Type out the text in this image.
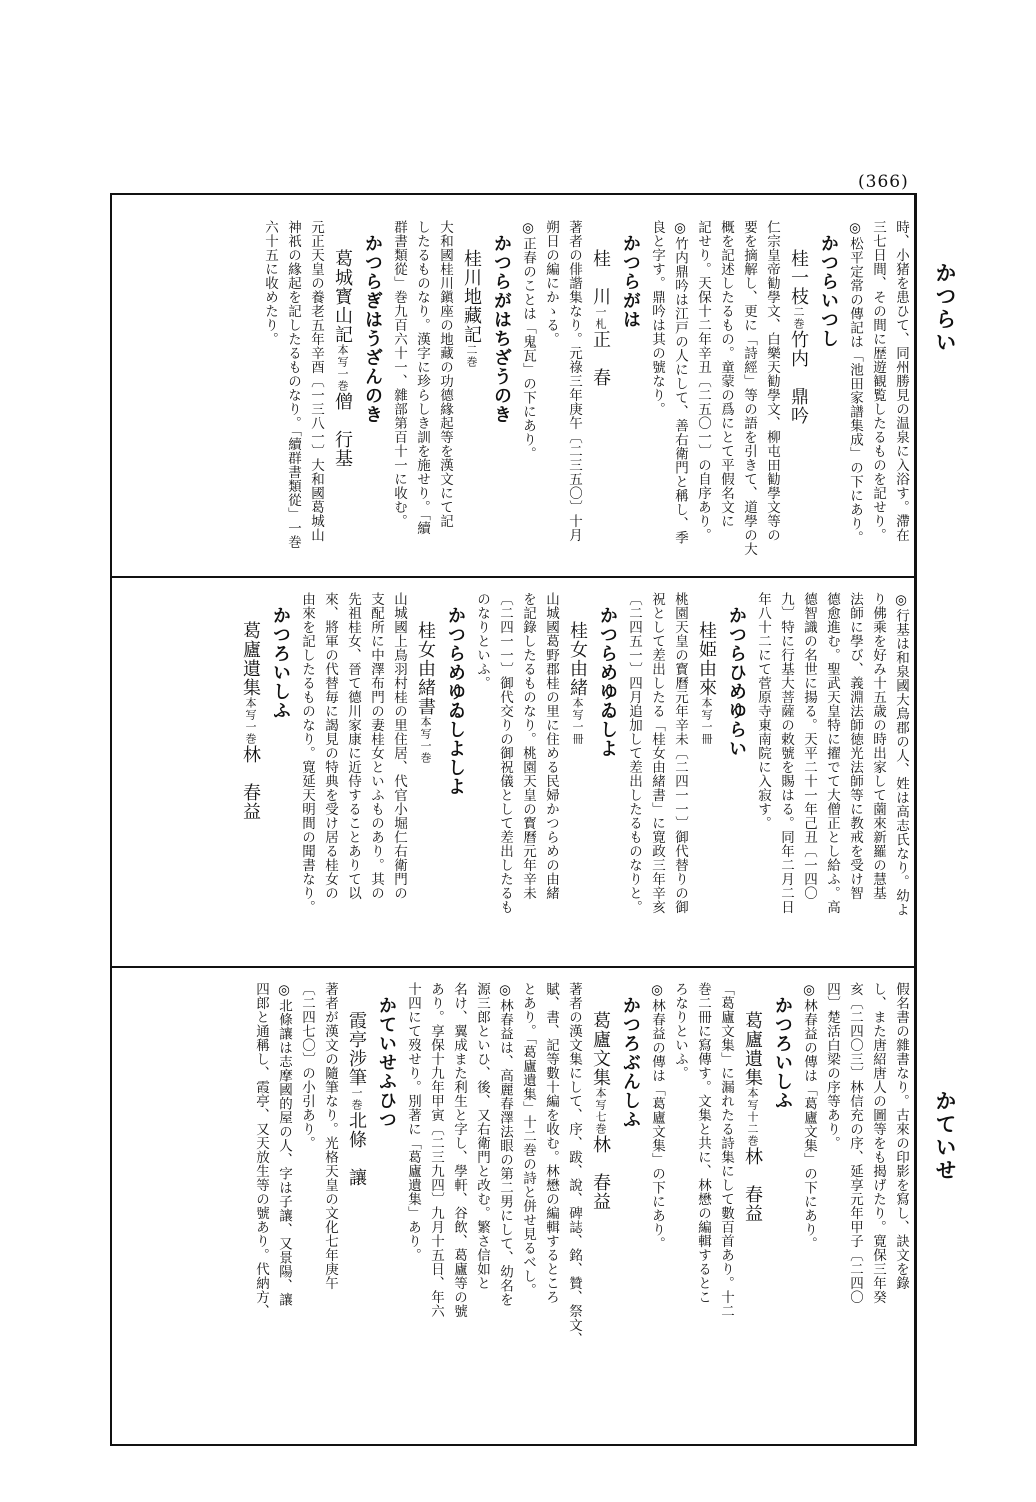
(366)
かつらい
かていせ
時、小猪を患ひて、同州勝見の温泉に入浴す。滯在
三七日間、その間に歴遊観覧したるものを記せり。
◎松平定常の傳記は「池田家譜集成」の下にあり。
かつらいつし
桂一枝二巻竹内　鼎吟
仁宗皇帝勧學文、白樂天勧學文、柳屯田勧學文等の
要を摘解し、更に「詩經」等の語を引きて、道學の大
概を記述したるもの。童蒙の爲にとて平假名文に
記せり。天保十二年辛丑〔二五〇一〕の自序あり。
◎竹内鼎吟は江戸の人にして、善右衛門と稱し、季
良と字す。鼎吟は其の號なり。
かつらがは
桂　川一札正　春
著者の俳諧集なり。元祿三年庚午〔二三五〇〕十月
朔日の編にかゝる。
◎正春のことは「鬼瓦」の下にあり。
かつらがはちざうのき
桂川地藏記二巻
大和國桂川鎭座の地藏の功德緣起等を漢文にて記
したるものなり。漢字に珍らしき訓を施せり。「續
群書類從」巻九百六十一、雜部第百十一に收む。
かつらぎはうざんのき
葛城寳山記本写一巻僧　行基
元正天皇の養老五年辛酉〔一三八一〕大和國葛城山
神祇の緣起を記したるものなり。「續群書類從」一巻
六十五に收めたり。
◎行基は和泉國大鳥郡の人、姓は高志氏なり。幼よ
り佛乘を好み十五歳の時出家して薗來新羅の慧基
法師に學び、義淵法師徳光法師等に教戒を受け智
德愈進む。聖武天皇特に擢でて大僧正とし給ふ。高
德智識の名世に揚る。天平二十一年己丑〔一四〇
九〕特に行基大菩薩の敕號を賜はる。同年二月二日
年八十二にて菅原寺東南院に入寂す。
かつらひめゆらい
桂姫由來本写一冊
桃園天皇の寳曆元年辛未〔二四一一〕御代替りの御
祝として差出したる「桂女由緒書」に寛政三年辛亥
〔二四五一〕四月追加して差出したるものなりと。
かつらめゆゐしよ
桂女由緒本写一冊
山城國葛野郡桂の里に住める民婦かつらめの由緒
を記錄したるものなり。桃園天皇の寳曆元年辛未
〔二四一一〕御代交りの御祝儀として差出したるも
のなりといふ。
かつらめゆゐしよしよ
桂女由緒書本写一巻
山城國上鳥羽村桂の里住居、代官小堀仁右衛門の
支配所に中澤布門の妻桂女といふものあり。其の
先祖桂女、晉て德川家康に近侍することありて以
來、將軍の代替毎に謁見の特典を受け居る桂女の
由來を記したるものなり。寛延天明間の聞書なり。
かつろいしふ
葛廬遺集本写一巻林　春益
假名書の雜書なり。古來の印影を寫し、訣文を錄
し、また唐紹唐人の圖等をも揭げたり。寛保三年癸
亥〔二四〇三〕林信充の序、延享元年甲子〔二四〇
四〕楚活白梁の序等あり。
◎林春益の傳は「葛廬文集」の下にあり。
かつろいしふ
葛廬遺集本写十二巻林　春益
「葛廬文集」に漏れたる詩集にして數百首あり。十二
巻二冊に寫傳す。文集と共に、林懋の編輯するとこ
ろなりといふ。
◎林春益の傳は「葛廬文集」の下にあり。
かつろぶんしふ
葛廬文集本写七巻林　春益
著者の漢文集にして、序、跋、說、碑誌、銘、贊、祭文、
賦、書、記等數十編を收む。林懋の編輯するところ
とあり。「葛廬遺集」十二巻の詩と併せ見るべし。
◎林春益は、高麗春澤法眼の第二男にして、幼名を
源三郎といひ、後、又右衛門と改む。繁さ信如と
名け、翼成また利生と字し、學軒、谷飲、葛廬等の號
あり。享保十九年甲寅〔二三九四〕九月十五日、年六
十四にて歿せり。別著に「葛廬遺集」あり。
かていせふひつ
霞亭涉筆一巻北條　讓
著者が漢文の隨筆なり。光格天皇の文化七年庚午
〔二四七〇〕の小引あり。
◎北條讓は志摩國的屋の人、字は子讓、又景陽、讓
四郎と通稱し、霞亭、又天放生等の號あり。代納方、
